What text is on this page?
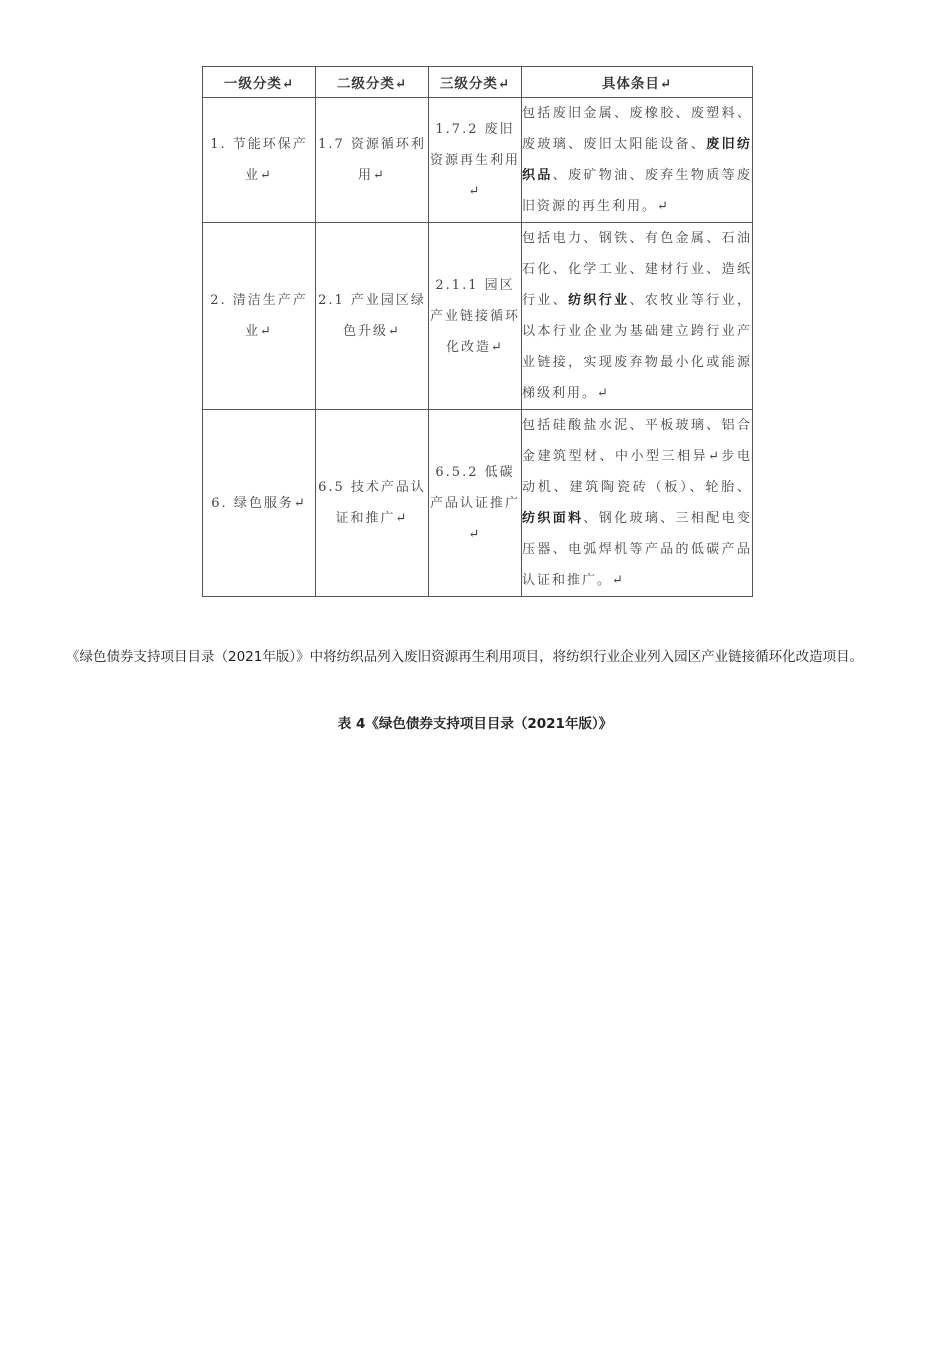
一级分类↵	二级分类↵	三级分类↵	具体条目↵
1. 节能环保产业↵	1.7 资源循环利用↵	1.7.2 废旧资源再生利用↵	包括废旧金属、废橡胶、废塑料、废玻璃、废旧太阳能设备、废旧纺织品、废矿物油、废弃生物质等废旧资源的再生利用。↵
2. 清洁生产产业↵	2.1 产业园区绿色升级↵	2.1.1 园区产业链接循环化改造↵	包括电力、钢铁、有色金属、石油石化、化学工业、建材行业、造纸行业、纺织行业、农牧业等行业，以本行业企业为基础建立跨行业产业链接，实现废弃物最小化或能源梯级利用。↵
6. 绿色服务↵	6.5 技术产品认证和推广↵	6.5.2 低碳产品认证推广↵	包括硅酸盐水泥、平板玻璃、铝合金建筑型材、中小型三相异↵步电动机、建筑陶瓷砖（板）、轮胎、纺织面料、钢化玻璃、三相配电变压器、电弧焊机等产品的低碳产品认证和推广。↵

《绿色债券支持项目目录（2021年版）》中将纺织品列入废旧资源再生利用项目，将纺织行业企业列入园区产业链接循环化改造项目。

表 4《绿色债券支持项目目录（2021年版）》
